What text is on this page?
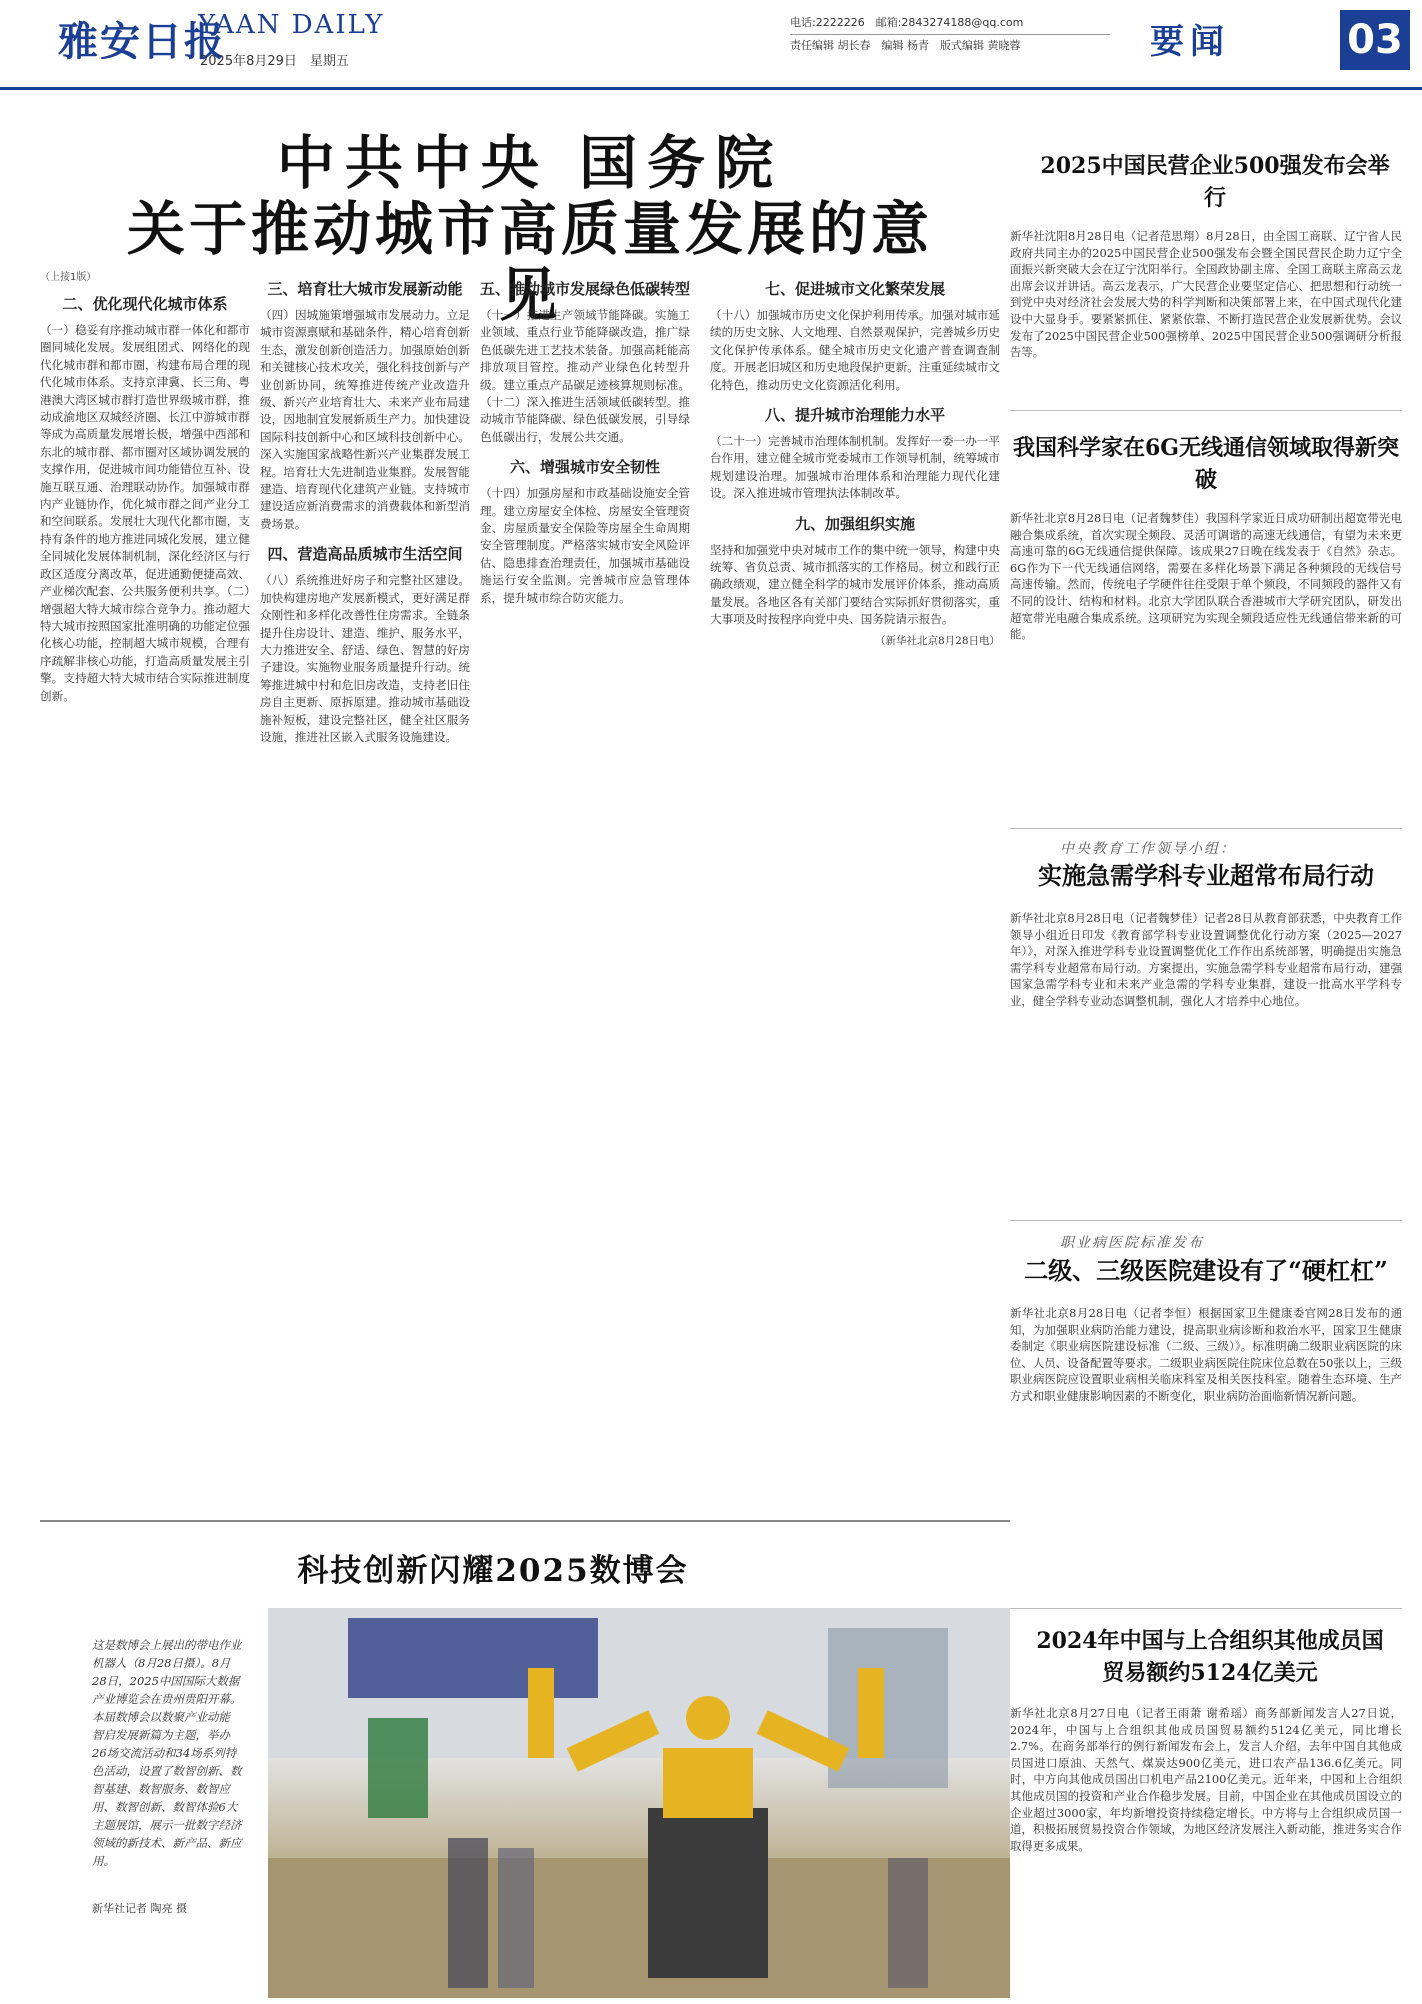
雅安日报
YAAN DAILY
2025年8月29日　星期五
电话:2222226　邮箱:2843274188@qq.com
责任编辑 胡长春　编辑 杨青　版式编辑 黄晓蓉	要闻	03
中共中央 国务院
关于推动城市高质量发展的意见
（上接1版）
二、优化现代化城市体系
（一）稳妥有序推动城市群一体化和都市圈同城化发展。发展组团式、网络化的现代化城市群和都市圈，构建布局合理的现代化城市体系。支持京津冀、长三角、粤港澳大湾区城市群打造世界级城市群，推动成渝地区双城经济圈、长江中游城市群等成为高质量发展增长极，增强中西部和东北的城市群、都市圈对区域协调发展的支撑作用，促进城市间功能错位互补、设施互联互通、治理联动协作。加强城市群内产业链协作，优化城市群之间产业分工和空间联系。发展壮大现代化都市圈，支持有条件的地方推进同城化发展，建立健全同城化发展体制机制，深化经济区与行政区适度分离改革，促进通勤便捷高效、产业梯次配套、公共服务便利共享。（二）增强超大特大城市综合竞争力。推动超大特大城市按照国家批准明确的功能定位强化核心功能，控制超大城市规模，合理有序疏解非核心功能，打造高质量发展主引擎。支持超大特大城市结合实际推进制度创新。
三、培育壮大城市发展新动能
（四）因城施策增强城市发展动力。立足城市资源禀赋和基础条件，精心培育创新生态，激发创新创造活力。加强原始创新和关键核心技术攻关，强化科技创新与产业创新协同，统筹推进传统产业改造升级、新兴产业培育壮大、未来产业布局建设，因地制宜发展新质生产力。加快建设国际科技创新中心和区域科技创新中心。深入实施国家战略性新兴产业集群发展工程。培育壮大先进制造业集群。发展智能建造、培育现代化建筑产业链。支持城市建设适应新消费需求的消费载体和新型消费场景。
四、营造高品质城市生活空间
（八）系统推进好房子和完整社区建设。加快构建房地产发展新模式，更好满足群众刚性和多样化改善性住房需求。全链条提升住房设计、建造、维护、服务水平，大力推进安全、舒适、绿色、智慧的好房子建设。实施物业服务质量提升行动。统筹推进城中村和危旧房改造，支持老旧住房自主更新、原拆原建。推动城市基础设施补短板，建设完整社区，健全社区服务设施，推进社区嵌入式服务设施建设。
五、推动城市发展绿色低碳转型
（十一）推进生产领域节能降碳。实施工业领域、重点行业节能降碳改造，推广绿色低碳先进工艺技术装备。加强高耗能高排放项目管控。推动产业绿色化转型升级。建立重点产品碳足迹核算规则标准。（十二）深入推进生活领域低碳转型。推动城市节能降碳、绿色低碳发展，引导绿色低碳出行，发展公共交通。
六、增强城市安全韧性
（十四）加强房屋和市政基础设施安全管理。建立房屋安全体检、房屋安全管理资金、房屋质量安全保险等房屋全生命周期安全管理制度。严格落实城市安全风险评估、隐患排查治理责任，加强城市基础设施运行安全监测。完善城市应急管理体系，提升城市综合防灾能力。
七、促进城市文化繁荣发展
（十八）加强城市历史文化保护利用传承。加强对城市延续的历史文脉、人文地理、自然景观保护，完善城乡历史文化保护传承体系。健全城市历史文化遗产普查调查制度。开展老旧城区和历史地段保护更新。注重延续城市文化特色，推动历史文化资源活化利用。
八、提升城市治理能力水平
（二十一）完善城市治理体制机制。发挥好一委一办一平台作用，建立健全城市党委城市工作领导机制，统筹城市规划建设治理。加强城市治理体系和治理能力现代化建设。深入推进城市管理执法体制改革。
九、加强组织实施
坚持和加强党中央对城市工作的集中统一领导，构建中央统筹、省负总责、城市抓落实的工作格局。树立和践行正确政绩观，建立健全科学的城市发展评价体系，推动高质量发展。各地区各有关部门要结合实际抓好贯彻落实，重大事项及时按程序向党中央、国务院请示报告。
（新华社北京8月28日电）
科技创新闪耀2025数博会
这是数博会上展出的带电作业机器人（8月28日摄）。8月28日，2025中国国际大数据产业博览会在贵州贵阳开幕。本届数博会以数聚产业动能 智启发展新篇为主题，举办26场交流活动和34场系列特色活动，设置了数智创新、数智基建、数智服务、数智应用、数智创新、数智体验6大主题展馆，展示一批数字经济领域的新技术、新产品、新应用。
新华社记者 陶亮 摄
2025中国民营企业500强发布会举行
新华社沈阳8月28日电（记者范思翔）8月28日，由全国工商联、辽宁省人民政府共同主办的2025中国民营企业500强发布会暨全国民营民企助力辽宁全面振兴新突破大会在辽宁沈阳举行。全国政协副主席、全国工商联主席高云龙出席会议并讲话。高云龙表示，广大民营企业要坚定信心、把思想和行动统一到党中央对经济社会发展大势的科学判断和决策部署上来，在中国式现代化建设中大显身手。要紧紧抓住、紧紧依靠、不断打造民营企业发展新优势。会议发布了2025中国民营企业500强榜单、2025中国民营企业500强调研分析报告等。
我国科学家在6G无线通信领域取得新突破
新华社北京8月28日电（记者魏梦佳）我国科学家近日成功研制出超宽带光电融合集成系统，首次实现全频段、灵活可调谐的高速无线通信，有望为未来更高速可靠的6G无线通信提供保障。该成果27日晚在线发表于《自然》杂志。6G作为下一代无线通信网络，需要在多样化场景下满足各种频段的无线信号高速传输。然而，传统电子学硬件往往受限于单个频段，不同频段的器件又有不同的设计、结构和材料。北京大学团队联合香港城市大学研究团队，研发出超宽带光电融合集成系统。这项研究为实现全频段适应性无线通信带来新的可能。
中央教育工作领导小组：
实施急需学科专业超常布局行动
新华社北京8月28日电（记者魏梦佳）记者28日从教育部获悉，中央教育工作领导小组近日印发《教育部学科专业设置调整优化行动方案（2025—2027年）》，对深入推进学科专业设置调整优化工作作出系统部署，明确提出实施急需学科专业超常布局行动。方案提出，实施急需学科专业超常布局行动，建强国家急需学科专业和未来产业急需的学科专业集群，建设一批高水平学科专业，健全学科专业动态调整机制，强化人才培养中心地位。
职业病医院标准发布
二级、三级医院建设有了“硬杠杠”
新华社北京8月28日电（记者李恒）根据国家卫生健康委官网28日发布的通知，为加强职业病防治能力建设，提高职业病诊断和救治水平，国家卫生健康委制定《职业病医院建设标准（二级、三级）》。标准明确二级职业病医院的床位、人员、设备配置等要求。二级职业病医院住院床位总数在50张以上，三级职业病医院应设置职业病相关临床科室及相关医技科室。随着生态环境、生产方式和职业健康影响因素的不断变化，职业病防治面临新情况新问题。
2024年中国与上合组织其他成员国贸易额约5124亿美元
新华社北京8月27日电（记者王雨萧 谢希瑶）商务部新闻发言人27日说，2024年，中国与上合组织其他成员国贸易额约5124亿美元，同比增长2.7%。在商务部举行的例行新闻发布会上，发言人介绍，去年中国自其他成员国进口原油、天然气、煤炭达900亿美元，进口农产品136.6亿美元。同时，中方向其他成员国出口机电产品2100亿美元。近年来，中国和上合组织其他成员国的投资和产业合作稳步发展。目前，中国企业在其他成员国设立的企业超过3000家，年均新增投资持续稳定增长。中方将与上合组织成员国一道，积极拓展贸易投资合作领域，为地区经济发展注入新动能，推进务实合作取得更多成果。
